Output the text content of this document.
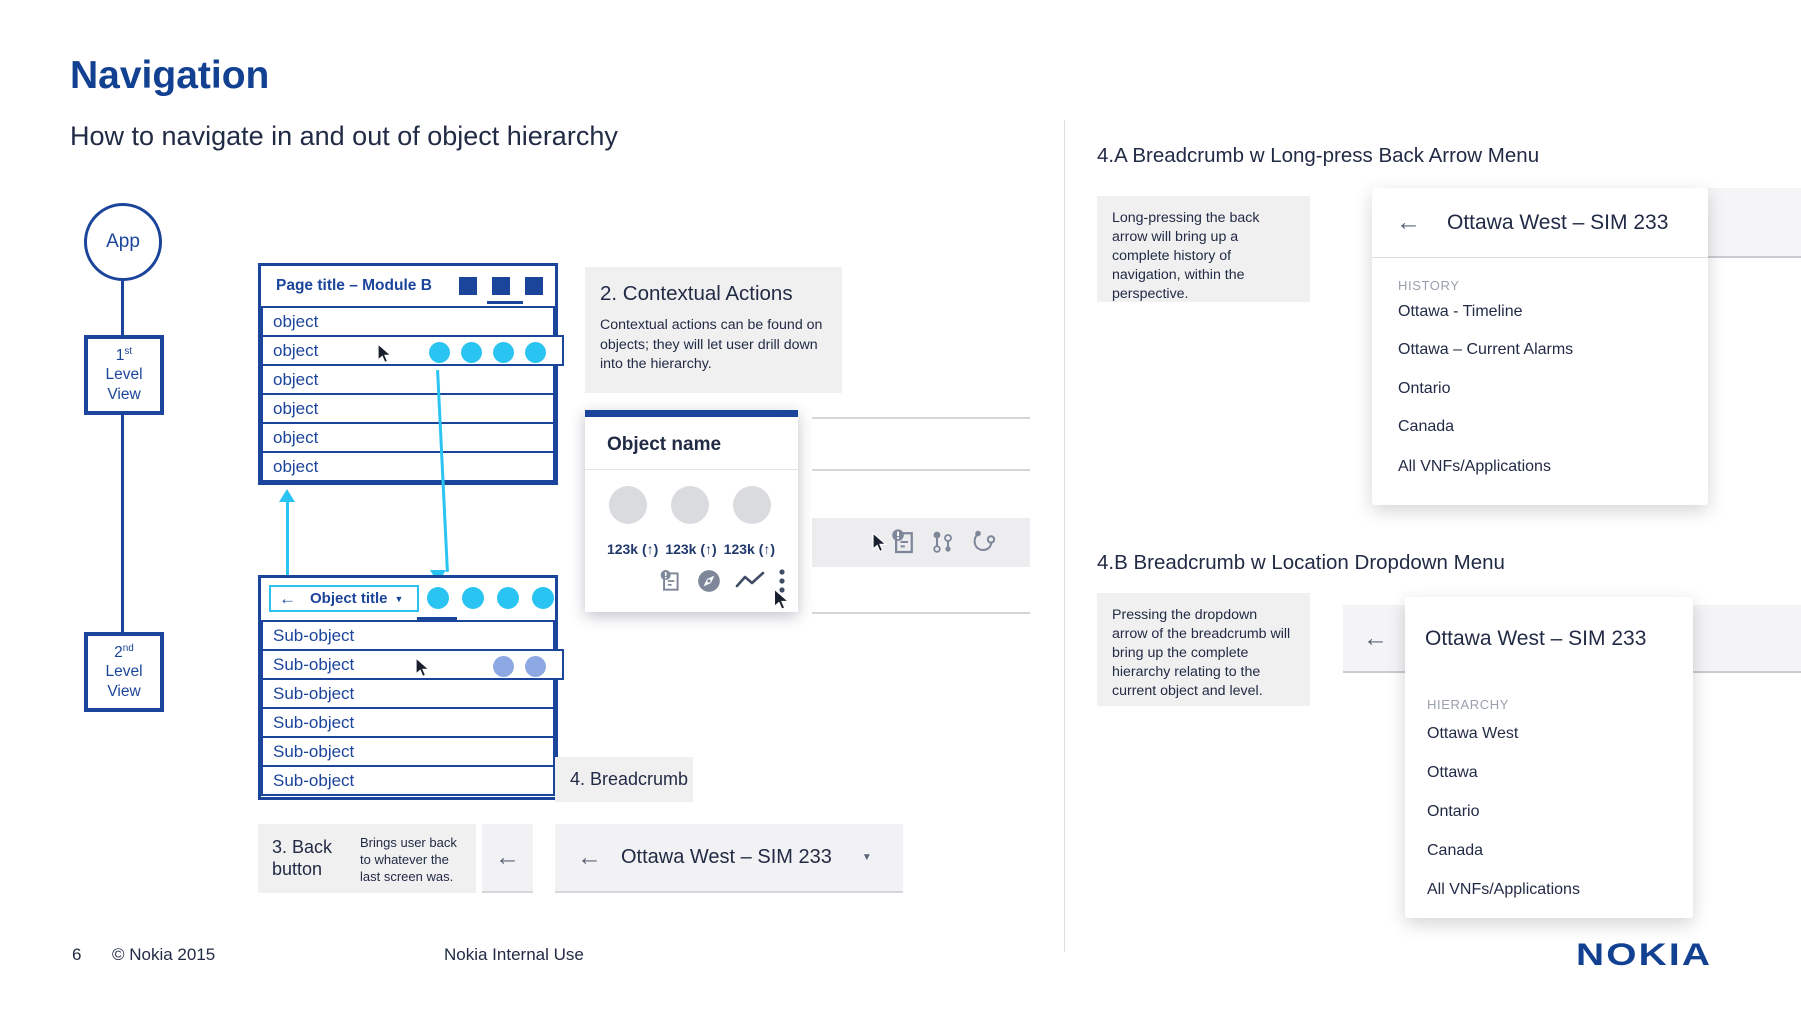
Navigation
How to navigate in and out of object hierarchy
App
1st
Level
View
2nd
Level
View
Page title – Module B
object
object
object
object
object
object
← Object title ▼
Sub-object
Sub-object
Sub-object
Sub-object
Sub-object
Sub-object
2. Contextual Actions
Contextual actions can be found on objects; they will let user drill down into the hierarchy.
Object name
123k (↑) 123k (↑) 123k (↑)
4. Breadcrumb
3. Back button
Brings user back to whatever the last screen was.
← ← Ottawa West – SIM 233	▼
4.A Breadcrumb w Long-press Back Arrow Menu
Long-pressing the back arrow will bring up a complete history of navigation, within the perspective.
← Ottawa West – SIM 233
HISTORY
Ottawa - Timeline
Ottawa – Current Alarms
Ontario
Canada
All VNFs/Applications
4.B Breadcrumb w Location Dropdown Menu
Pressing the dropdown arrow of the breadcrumb will bring up the complete hierarchy relating to the current object and level.
← Ottawa West – SIM 233
HIERARCHY
Ottawa West
Ottawa
Ontario
Canada
All VNFs/Applications
6 © Nokia 2015	Nokia Internal Use	NOKIA
